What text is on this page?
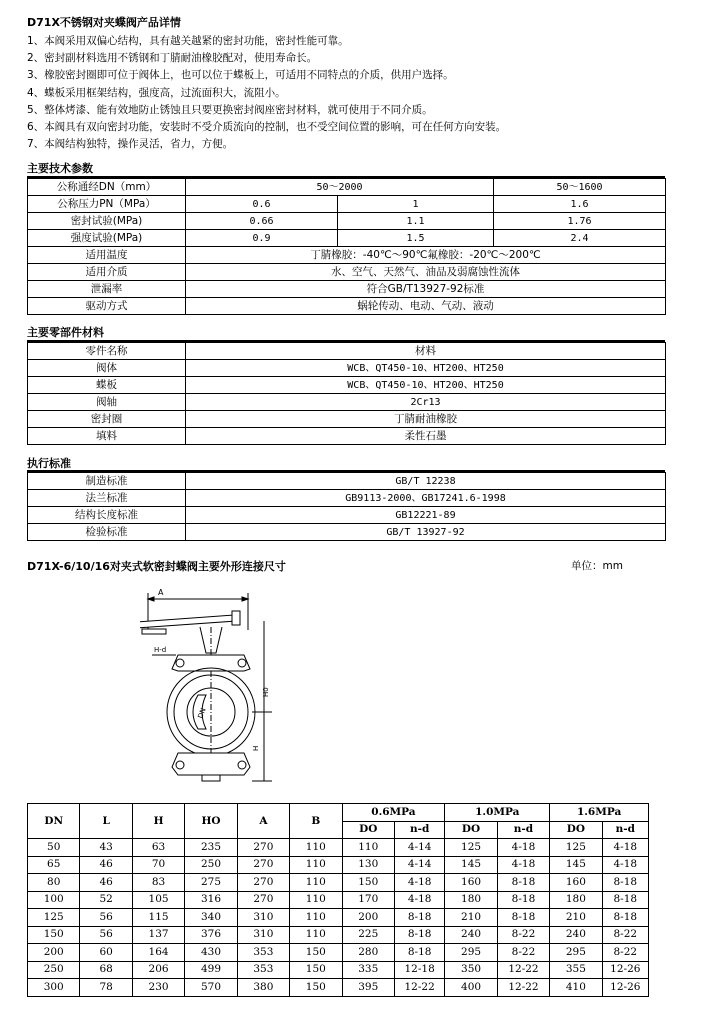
D71X不锈钢对夹蝶阀产品详情
1、本阀采用双偏心结构，具有越关越紧的密封功能，密封性能可靠。
2、密封副材料选用不锈钢和丁腈耐油橡胶配对，使用寿命长。
3、橡胶密封圈即可位于阀体上，也可以位于蝶板上，可适用不同特点的介质，供用户选择。
4、蝶板采用框架结构，强度高，过流面积大，流阻小。
5、整体烤漆、能有效地防止锈蚀且只要更换密封阀座密封材料，就可使用于不同介质。
6、本阀具有双向密封功能，安装时不受介质流向的控制，也不受空间位置的影响，可在任何方向安装。
7、本阀结构独特，操作灵活，省力，方便。
主要技术参数
公称通经DN（mm）	50～2000		50～1600
公称压力PN（MPa）	0.6	1	1.6
密封试验(MPa)	0.66	1.1	1.76
强度试验(MPa)	0.9	1.5	2.4
适用温度	丁腈橡胶：-40℃～90℃氟橡胶：-20℃～200℃		
适用介质	水、空气、天然气、油品及弱腐蚀性流体		
泄漏率	符合GB/T13927-92标准		
驱动方式	蜗轮传动、电动、气动、液动		
主要零部件材料
零件名称	材料
阀体	WCB、QT450-10、HT200、HT250
蝶板	WCB、QT450-10、HT200、HT250
阀轴	2Cr13
密封圈	丁腈耐油橡胶
填料	柔性石墨
执行标准
制造标准	GB/T 12238
法兰标准	GB9113-2000、GB17241.6-1998
结构长度标准	GB12221-89
检验标准	GB/T 13927-92
D71X-6/10/16对夹式软密封蝶阀主要外形连接尺寸	单位：mm
A
DN
H-d
H0
H
DN	L	H	HO	A	B	0.6MPa		1.0MPa		1.6MPa	
						DO	n-d	DO	n-d	DO	n-d
50	43	63	235	270	110	110	4-14	125	4-18	125	4-18
65	46	70	250	270	110	130	4-14	145	4-18	145	4-18
80	46	83	275	270	110	150	4-18	160	8-18	160	8-18
100	52	105	316	270	110	170	4-18	180	8-18	180	8-18
125	56	115	340	310	110	200	8-18	210	8-18	210	8-18
150	56	137	376	310	110	225	8-18	240	8-22	240	8-22
200	60	164	430	353	150	280	8-18	295	8-22	295	8-22
250	68	206	499	353	150	335	12-18	350	12-22	355	12-26
300	78	230	570	380	150	395	12-22	400	12-22	410	12-26
